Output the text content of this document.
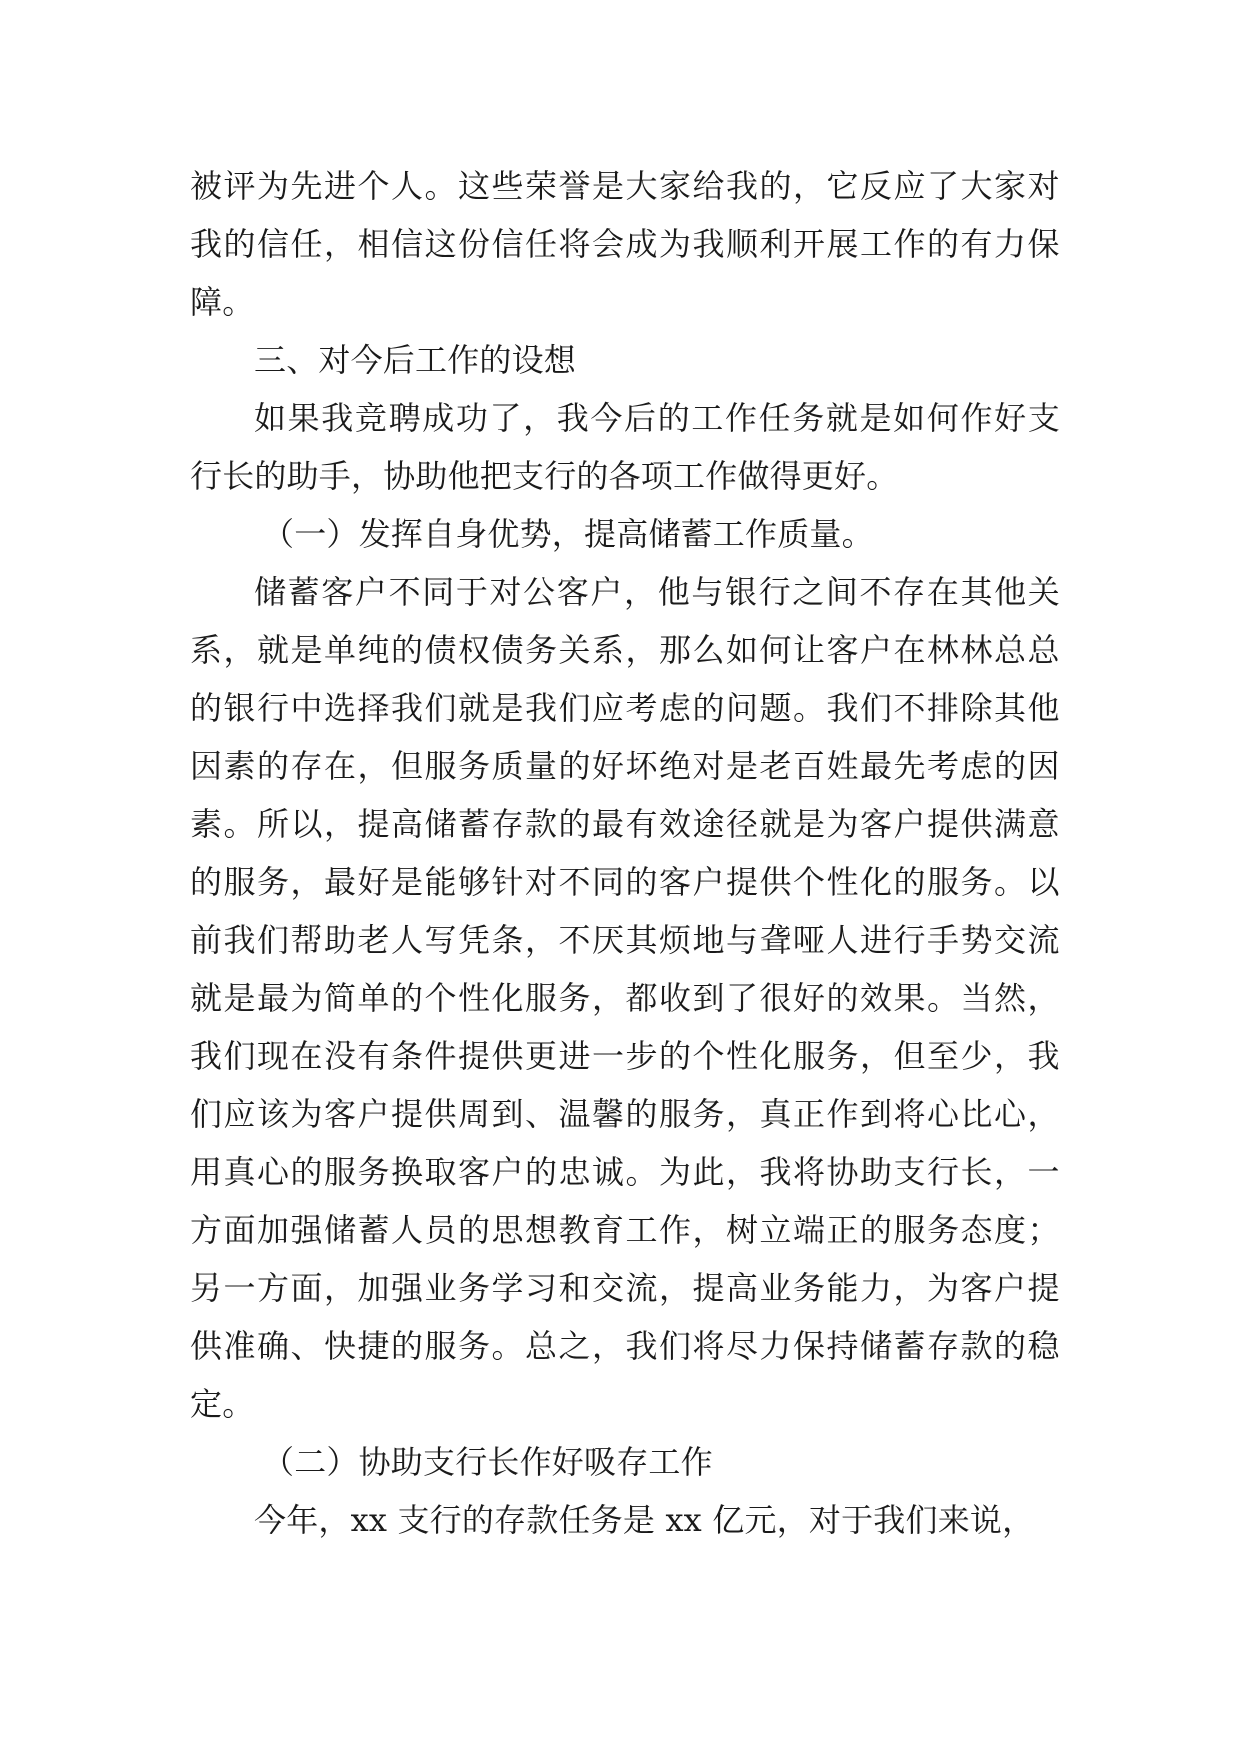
被 评 为 先 进 个 人 。 这 些 荣 誉 是 大 家 给 我 的 ， 它 反 应 了 大 家 对
我 的 信 任 ， 相 信 这 份 信 任 将 会 成 为 我 顺 利 开 展 工 作 的 有 力 保
障。
三、对今后工作的设想
如 果 我 竞 聘 成 功 了 ， 我 今 后 的 工 作 任 务 就 是 如 何 作 好 支
行长的助手，协助他把支行的各项工作做得更好。
（一）发挥自身优势，提高储蓄工作质量。
储 蓄 客 户 不 同 于 对 公 客 户 ， 他 与 银 行 之 间 不 存 在 其 他 关
系 ， 就 是 单 纯 的 债 权 债 务 关 系 ， 那 么 如 何 让 客 户 在 林 林 总 总
的 银 行 中 选 择 我 们 就 是 我 们 应 考 虑 的 问 题 。 我 们 不 排 除 其 他
因 素 的 存 在 ， 但 服 务 质 量 的 好 坏 绝 对 是 老 百 姓 最 先 考 虑 的 因
素 。 所 以 ， 提 高 储 蓄 存 款 的 最 有 效 途 径 就 是 为 客 户 提 供 满 意
的 服 务 ， 最 好 是 能 够 针 对 不 同 的 客 户 提 供 个 性 化 的 服 务 。 以
前 我 们 帮 助 老 人 写 凭 条 ， 不 厌 其 烦 地 与 聋 哑 人 进 行 手 势 交 流
就 是 最 为 简 单 的 个 性 化 服 务 ， 都 收 到 了 很 好 的 效 果 。 当 然 ，
我 们 现 在 没 有 条 件 提 供 更 进 一 步 的 个 性 化 服 务 ， 但 至 少 ， 我
们 应 该 为 客 户 提 供 周 到 、 温 馨 的 服 务 ， 真 正 作 到 将 心 比 心 ，
用 真 心 的 服 务 换 取 客 户 的 忠 诚 。 为 此 ， 我 将 协 助 支 行 长 ， 一
方 面 加 强 储 蓄 人 员 的 思 想 教 育 工 作 ， 树 立 端 正 的 服 务 态 度 ；
另 一 方 面 ， 加 强 业 务 学 习 和 交 流 ， 提 高 业 务 能 力 ， 为 客 户 提
供 准 确 、 快 捷 的 服 务 。 总 之 ， 我 们 将 尽 力 保 持 储 蓄 存 款 的 稳
定。
（二）协助支行长作好吸存工作
今年，xx 支行的存款任务是 xx 亿元，对于我们来说，
